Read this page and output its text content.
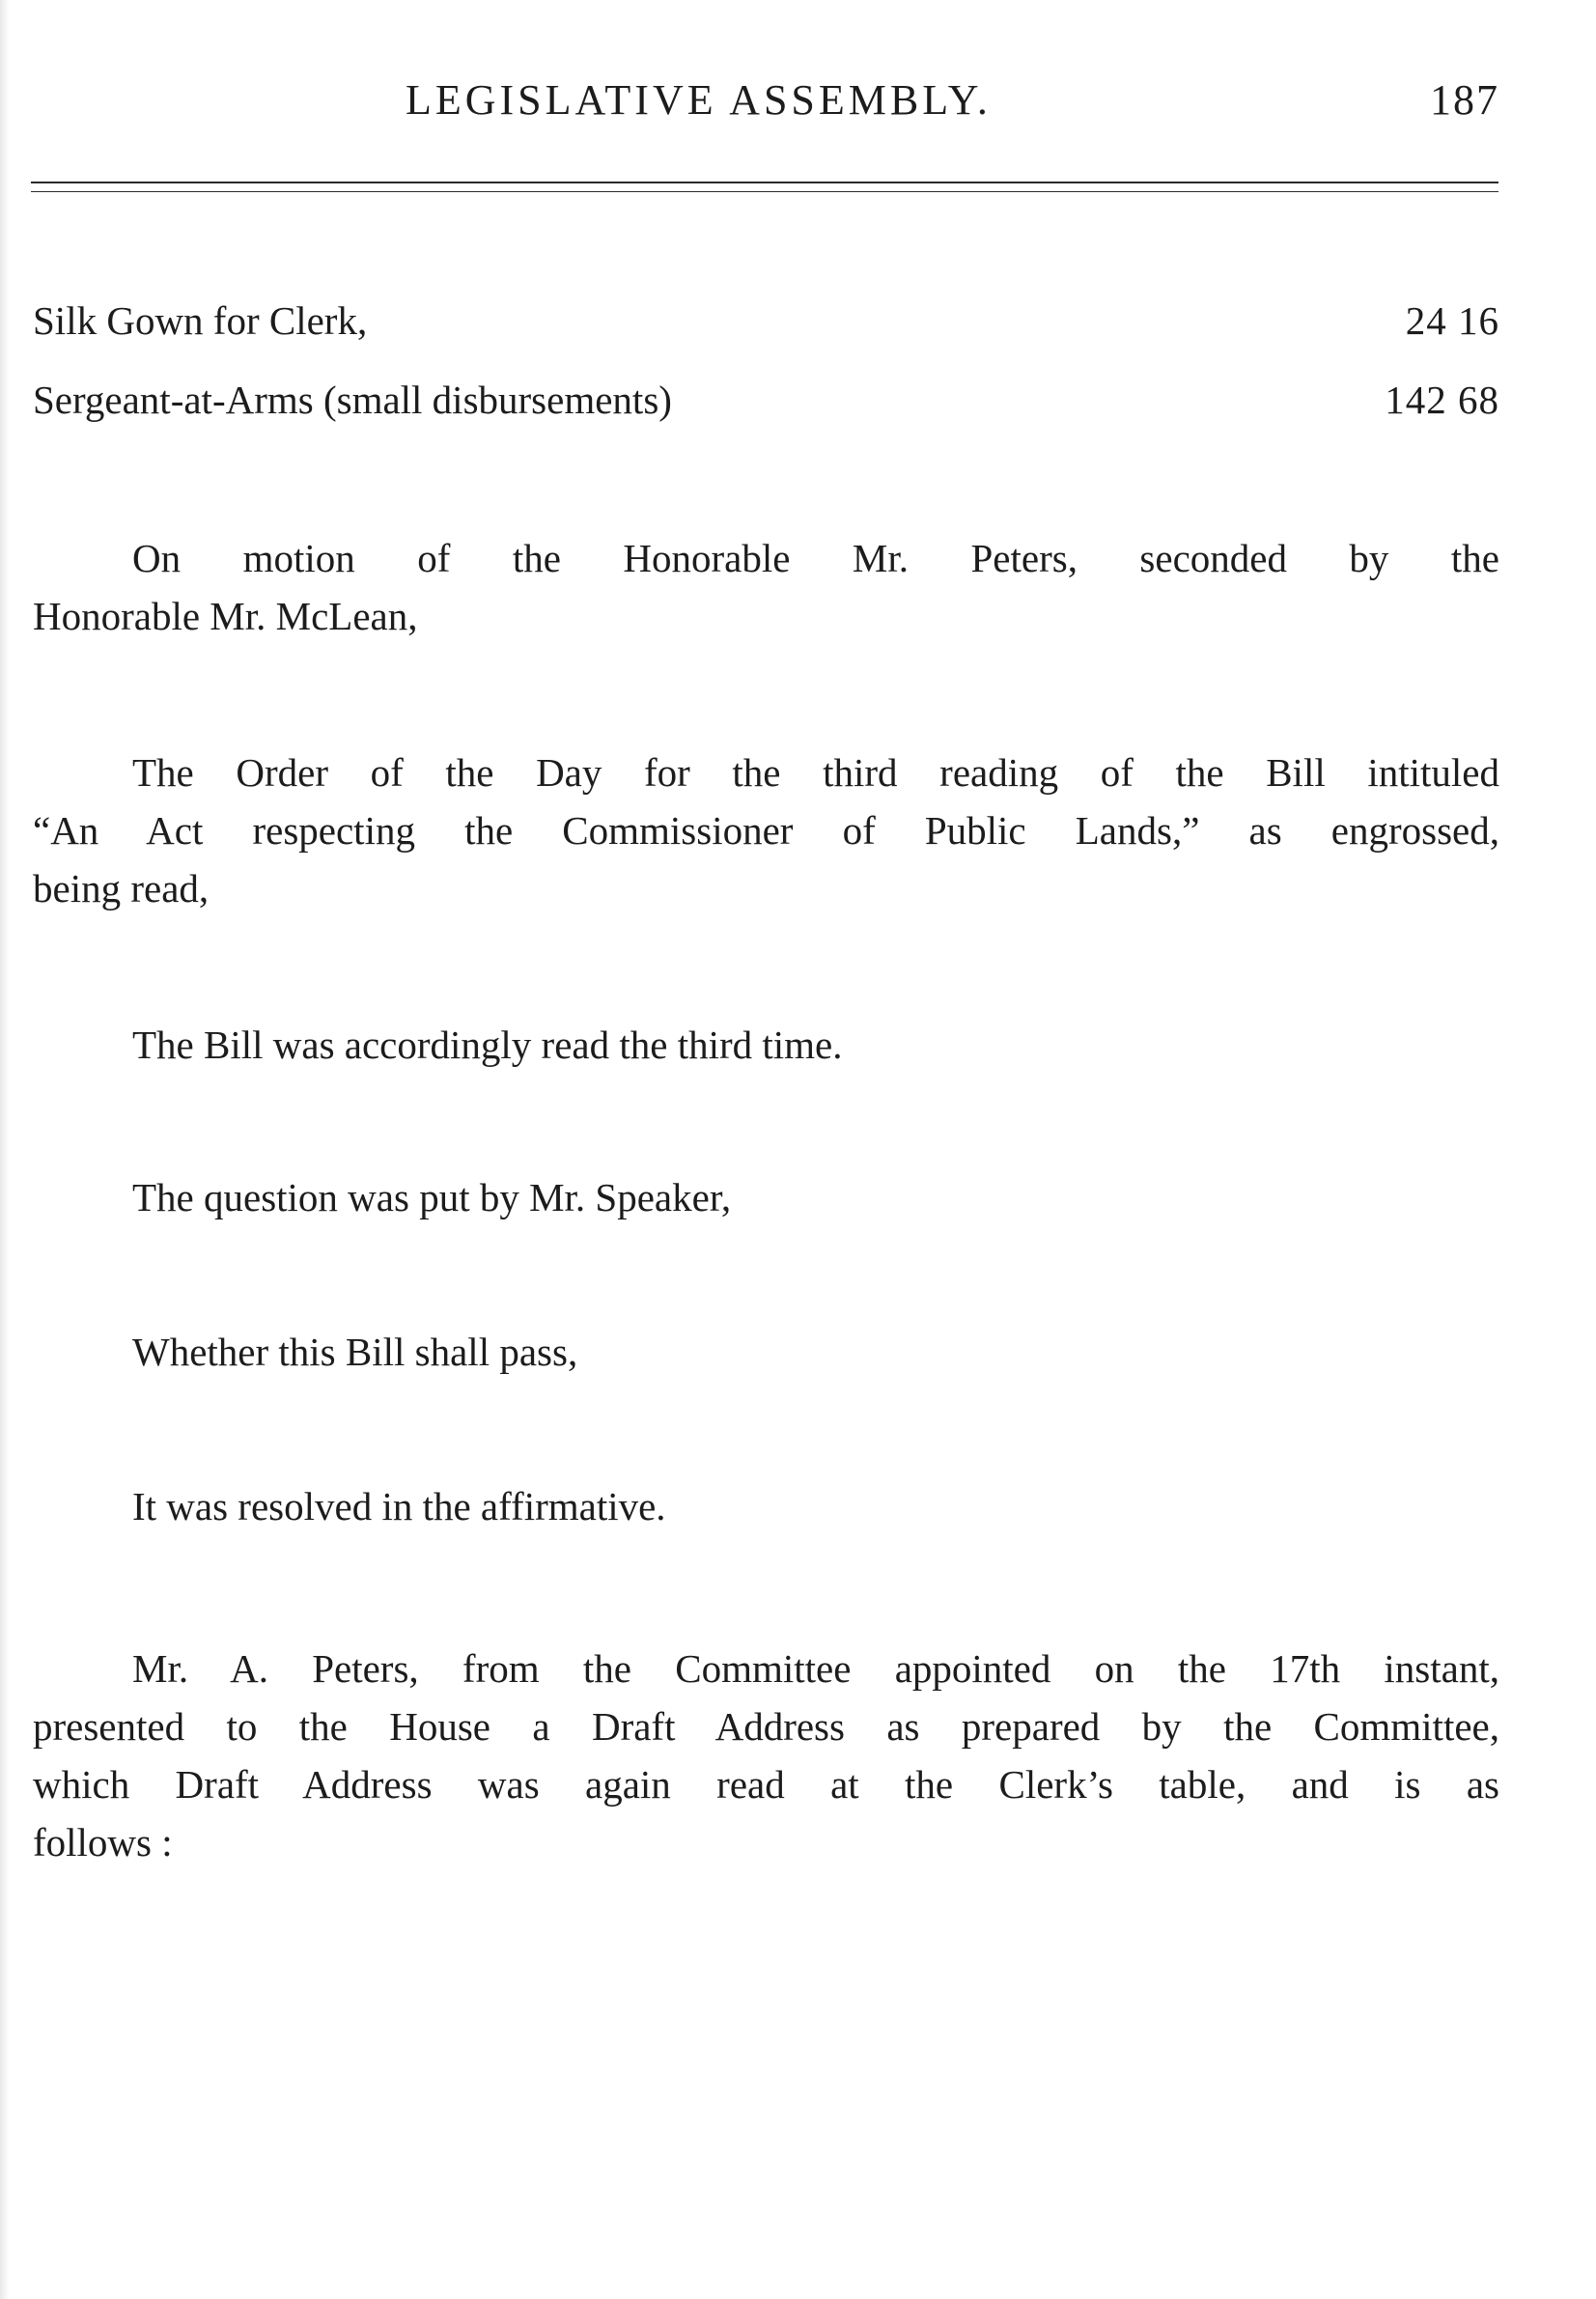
LEGISLATIVE ASSEMBLY.	187
Silk Gown for Clerk,	24 16
Sergeant-at-Arms (small disbursements)	142 68
On motion of the Honorable Mr. Peters, seconded by the
Honorable Mr. McLean,
The Order of the Day for the third reading of the Bill intituled
“An Act respecting the Commissioner of Public Lands,” as engrossed,
being read,
The Bill was accordingly read the third time.
The question was put by Mr. Speaker,
Whether this Bill shall pass,
It was resolved in the affirmative.
Mr. A. Peters, from the Committee appointed on the 17th instant,
presented to the House a Draft Address as prepared by the Committee,
which Draft Address was again read at the Clerk’s table, and is as
follows :
